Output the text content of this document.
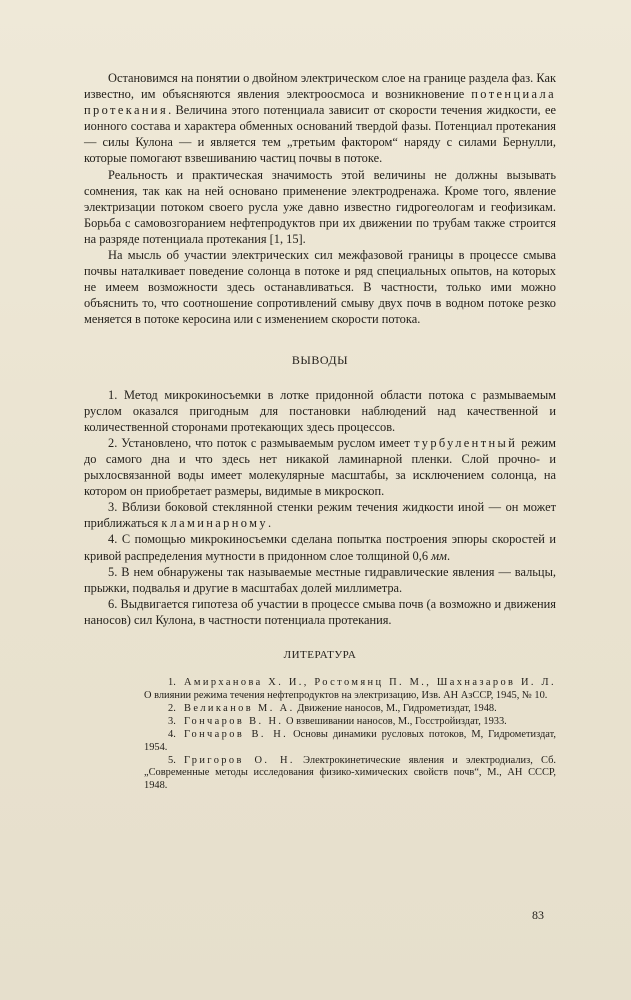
Остановимся на понятии о двойном электрическом слое на границе раздела фаз. Как известно, им объясняются явления электроосмоса и возникновение потенциала протекания. Величина этого потенциала зависит от скорости течения жидкости, ее ионного состава и характера обменных оснований твердой фазы. Потенциал протекания — силы Кулона — и является тем „третьим фактором“ наряду с силами Бернулли, которые помогают взвешиванию частиц почвы в потоке.

Реальность и практическая значимость этой величины не должны вызывать сомнения, так как на ней основано применение электродренажа. Кроме того, явление электризации потоком своего русла уже давно известно гидрогеологам и геофизикам. Борьба с самовозгоранием нефтепродуктов при их движении по трубам также строится на разряде потенциала протекания [1, 15].

На мысль об участии электрических сил межфазовой границы в процессе смыва почвы наталкивает поведение солонца в потоке и ряд специальных опытов, на которых не имеем возможности здесь останавливаться. В частности, только ими можно объяснить то, что соотношение сопротивлений смыву двух почв в водном потоке резко меняется в потоке керосина или с изменением скорости потока.

ВЫВОДЫ

1. Метод микрокиносъемки в лотке придонной области потока с размываемым руслом оказался пригодным для постановки наблюдений над качественной и количественной сторонами протекающих здесь процессов.

2. Установлено, что поток с размываемым руслом имеет турбулентный режим до самого дна и что здесь нет никакой ламинарной пленки. Слой прочно- и рыхлосвязанной воды имеет молекулярные масштабы, за исключением солонца, на котором он приобретает размеры, видимые в микроскоп.

3. Вблизи боковой стеклянной стенки режим течения жидкости иной — он может приближаться к ламинарному.

4. С помощью микрокиносъемки сделана попытка построения эпюры скоростей и кривой распределения мутности в придонном слое толщиной 0,6 мм.

5. В нем обнаружены так называемые местные гидравлические явления — вальцы, прыжки, подвалья и другие в масштабах долей миллиметра.

6. Выдвигается гипотеза об участии в процессе смыва почв (а возможно и движения наносов) сил Кулона, в частности потенциала протекания.

ЛИТЕРАТУРА

1. Амирханова Х. И., Ростомянц П. М., Шахназаров И. Л. О влиянии режима течения нефтепродуктов на электризацию, Изв. АН АзССР, 1945, № 10.

2. Великанов М. А. Движение наносов, М., Гидрометиздат, 1948.

3. Гончаров В. Н. О взвешивании наносов, М., Госстройиздат, 1933.

4. Гончаров В. Н. Основы динамики русловых потоков, М, Гидрометиздат, 1954.

5. Григоров О. Н. Электрокинетические явления и электродиализ, Сб. „Современные методы исследования физико-химических свойств почв“, М., АН СССР, 1948.

83
